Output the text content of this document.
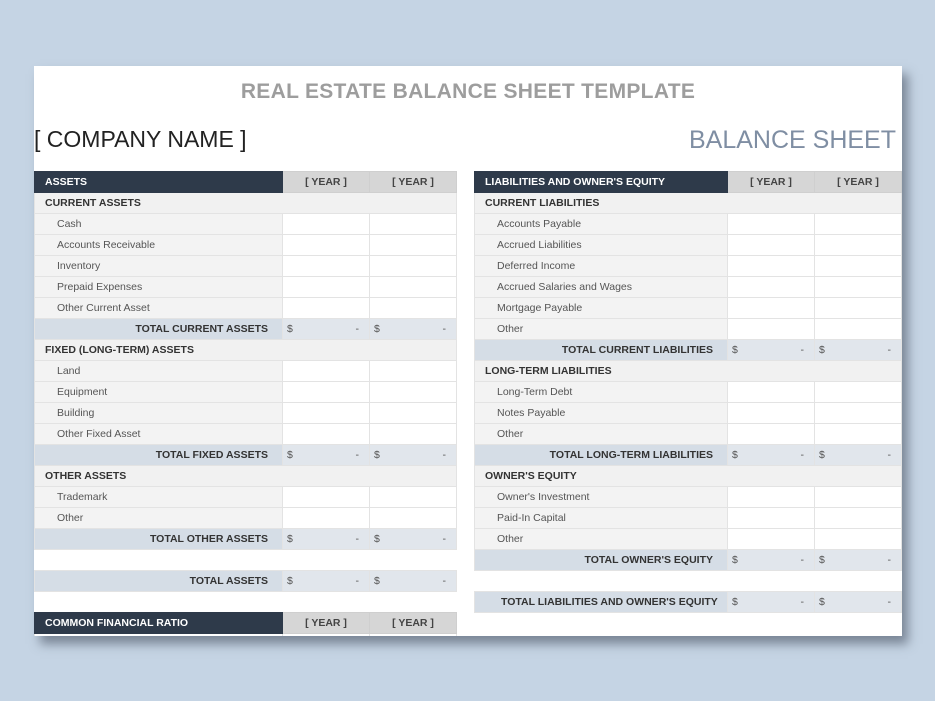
REAL ESTATE BALANCE SHEET TEMPLATE
[ COMPANY NAME ]	BALANCE SHEET
ASSETS	[ YEAR ]	[ YEAR ]
CURRENT ASSETS		
Cash		
Accounts Receivable		
Inventory		
Prepaid Expenses		
Other Current Asset		
TOTAL CURRENT ASSETS	$ -	$ -

FIXED (LONG-TERM) ASSETS		
Land		
Equipment		
Building		
Other Fixed Asset		
TOTAL FIXED ASSETS	$ -	$ -

OTHER ASSETS		
Trademark		
Other		
TOTAL OTHER ASSETS	$ -	$ -

TOTAL ASSETS	$ -	$ -

COMMON FINANCIAL RATIO	[ YEAR ]	[ YEAR ]

LIABILITIES AND OWNER'S EQUITY	[ YEAR ]	[ YEAR ]
CURRENT LIABILITIES		
Accounts Payable		
Accrued Liabilities		
Deferred Income		
Accrued Salaries and Wages		
Mortgage Payable		
Other		
TOTAL CURRENT LIABILITIES	$ -	$ -

LONG-TERM LIABILITIES		
Long-Term Debt		
Notes Payable		
Other		
TOTAL LONG-TERM LIABILITIES	$ -	$ -

OWNER'S EQUITY		
Owner's Investment		
Paid-In Capital		
Other		
TOTAL OWNER'S EQUITY	$ -	$ -

TOTAL LIABILITIES AND OWNER'S EQUITY	$ -	$ -
